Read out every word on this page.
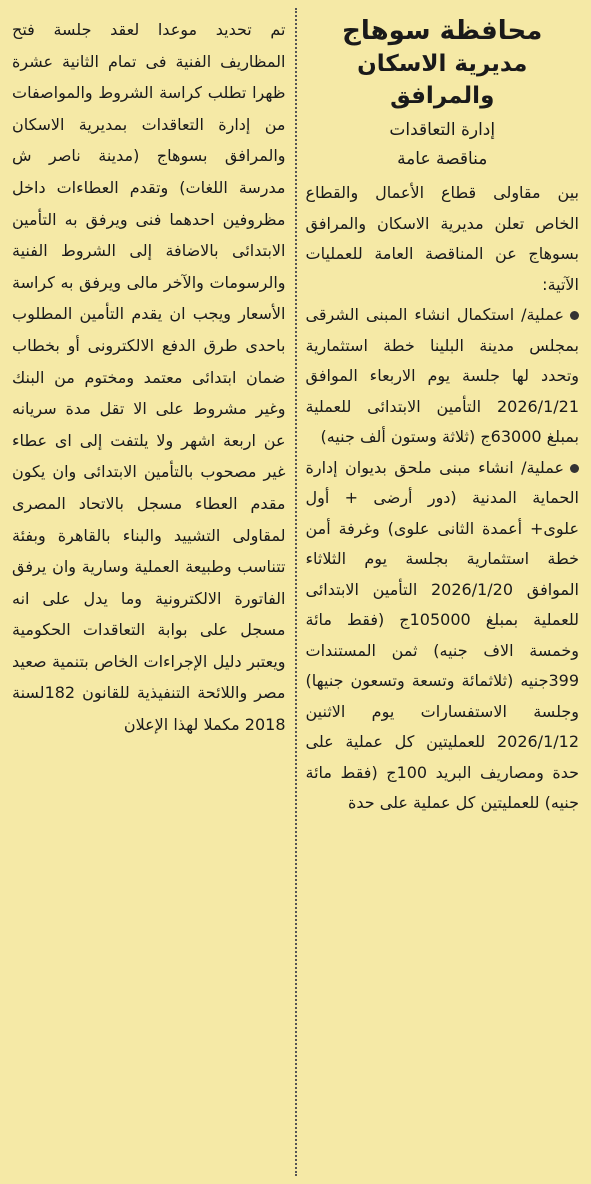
محافظة سوهاج
مديرية الاسكان والمرافق

إدارة التعاقدات

مناقصة عامة

بين مقاولى قطاع الأعمال والقطاع الخاص تعلن مديرية الاسكان والمرافق بسوهاج عن المناقصة العامة للعمليات الآتية:

عملية/ استكمال انشاء المبنى الشرقى بمجلس مدينة البلينا خطة استثمارية وتحدد لها جلسة يوم الاربعاء الموافق 2026/1/21 التأمين الابتدائى للعملية بمبلغ 63000ج (ثلاثة وستون ألف جنيه)

عملية/ انشاء مبنى ملحق بديوان إدارة الحماية المدنية (دور أرضى + أول علوى+ أعمدة الثانى علوى) وغرفة أمن خطة استثمارية بجلسة يوم الثلاثاء الموافق 2026/1/20 التأمين الابتدائى للعملية بمبلغ 105000ج (فقط مائة وخمسة الاف جنيه) ثمن المستندات 399جنيه (ثلاثمائة وتسعة وتسعون جنيها) وجلسة الاستفسارات يوم الاثنين 2026/1/12 للعمليتين كل عملية على حدة ومصاريف البريد 100ج (فقط مائة جنيه) للعمليتين كل عملية على حدة

تم تحديد موعدا لعقد جلسة فتح المظاريف الفنية فى تمام الثانية عشرة ظهرا تطلب كراسة الشروط والمواصفات من إدارة التعاقدات بمديرية الاسكان والمرافق بسوهاج (مدينة ناصر ش مدرسة اللغات) وتقدم العطاءات داخل مظروفين احدهما فنى ويرفق به التأمين الابتدائى بالاضافة إلى الشروط الفنية والرسومات والآخر مالى ويرفق به كراسة الأسعار ويجب ان يقدم التأمين المطلوب باحدى طرق الدفع الالكترونى أو بخطاب ضمان ابتدائى معتمد ومختوم من البنك وغير مشروط على الا تقل مدة سريانه عن اربعة اشهر ولا يلتفت إلى اى عطاء غير مصحوب بالتأمين الابتدائى وان يكون مقدم العطاء مسجل بالاتحاد المصرى لمقاولى التشييد والبناء بالقاهرة وبفئة تتناسب وطبيعة العملية وسارية وان يرفق الفاتورة الالكترونية وما يدل على انه مسجل على بوابة التعاقدات الحكومية ويعتبر دليل الإجراءات الخاص بتنمية صعيد مصر واللائحة التنفيذية للقانون 182لسنة 2018 مكملا لهذا الإعلان
